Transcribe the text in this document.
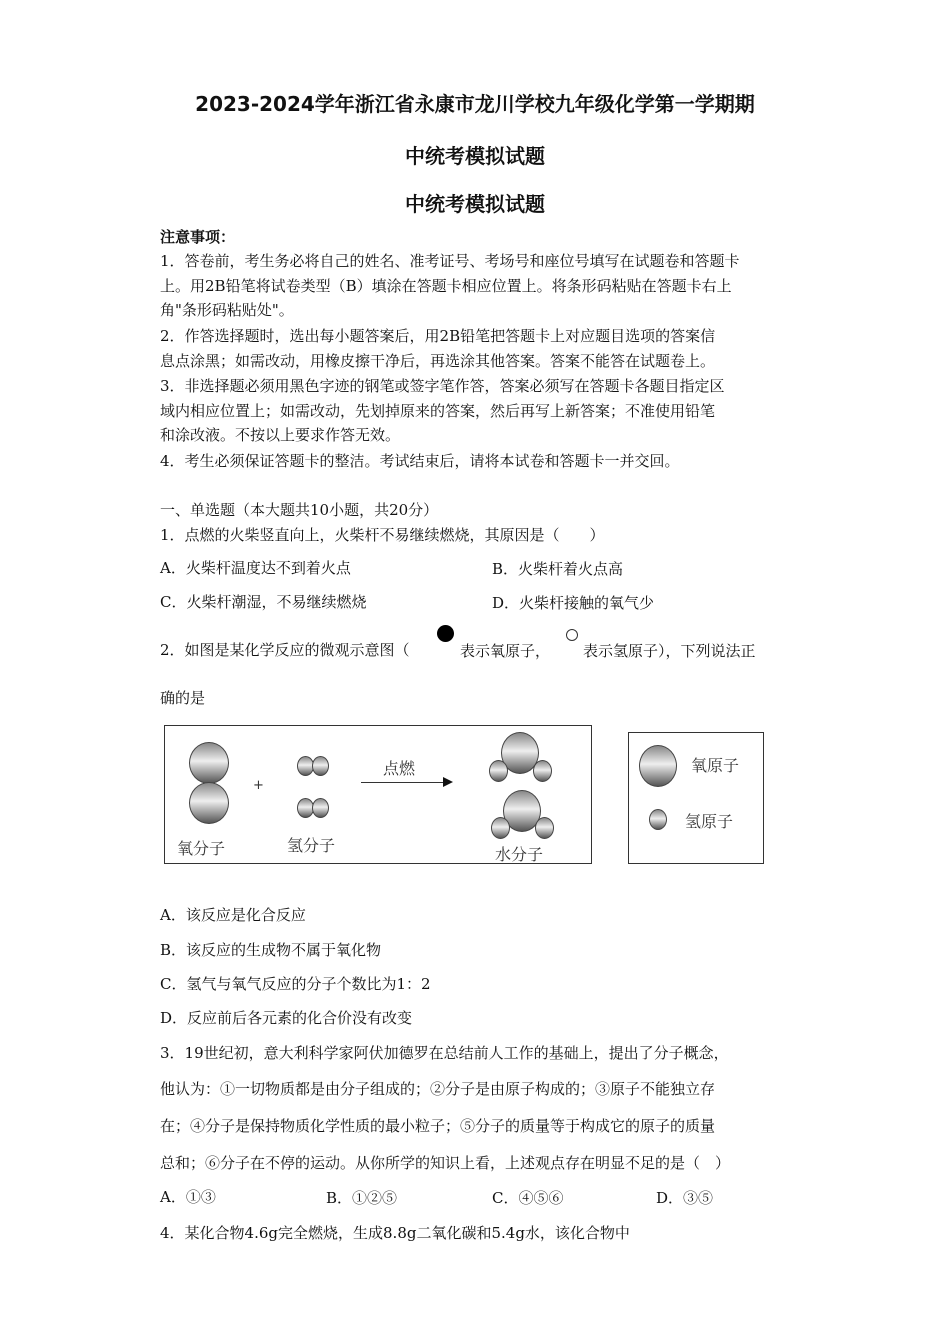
2023-2024学年浙江省永康市龙川学校九年级化学第一学期期
中统考模拟试题
中统考模拟试题
注意事项：
1．答卷前，考生务必将自己的姓名、准考证号、考场号和座位号填写在试题卷和答题卡
上。用2B铅笔将试卷类型（B）填涂在答题卡相应位置上。将条形码粘贴在答题卡右上
角"条形码粘贴处"。
2．作答选择题时，选出每小题答案后，用2B铅笔把答题卡上对应题目选项的答案信
息点涂黑；如需改动，用橡皮擦干净后，再选涂其他答案。答案不能答在试题卷上。
3．非选择题必须用黑色字迹的钢笔或签字笔作答，答案必须写在答题卡各题目指定区
域内相应位置上；如需改动，先划掉原来的答案，然后再写上新答案；不准使用铅笔
和涂改液。不按以上要求作答无效。
4．考生必须保证答题卡的整洁。考试结束后，请将本试卷和答题卡一并交回。
一、单选题（本大题共10小题，共20分）
1．点燃的火柴竖直向上，火柴杆不易继续燃烧，其原因是（　　）
A．火柴杆温度达不到着火点	B．火柴杆着火点高
C．火柴杆潮湿，不易继续燃烧	D．火柴杆接触的氧气少
2．如图是某化学反应的微观示意图（	表示氧原子， 表示氢原子），下列说法正
确的是
+
点燃
氧分子	氢分子	水分子
氧原子
氢原子
A．该反应是化合反应
B．该反应的生成物不属于氧化物
C．氢气与氧气反应的分子个数比为1：2
D．反应前后各元素的化合价没有改变
3．19世纪初，意大利科学家阿伏加德罗在总结前人工作的基础上，提出了分子概念，
他认为：①一切物质都是由分子组成的；②分子是由原子构成的；③原子不能独立存
在；④分子是保持物质化学性质的最小粒子；⑤分子的质量等于构成它的原子的质量
总和；⑥分子在不停的运动。从你所学的知识上看，上述观点存在明显不足的是（　）
A．①③	B．①②⑤	C．④⑤⑥	D．③⑤
4．某化合物4.6g完全燃烧，生成8.8g二氧化碳和5.4g水，该化合物中
